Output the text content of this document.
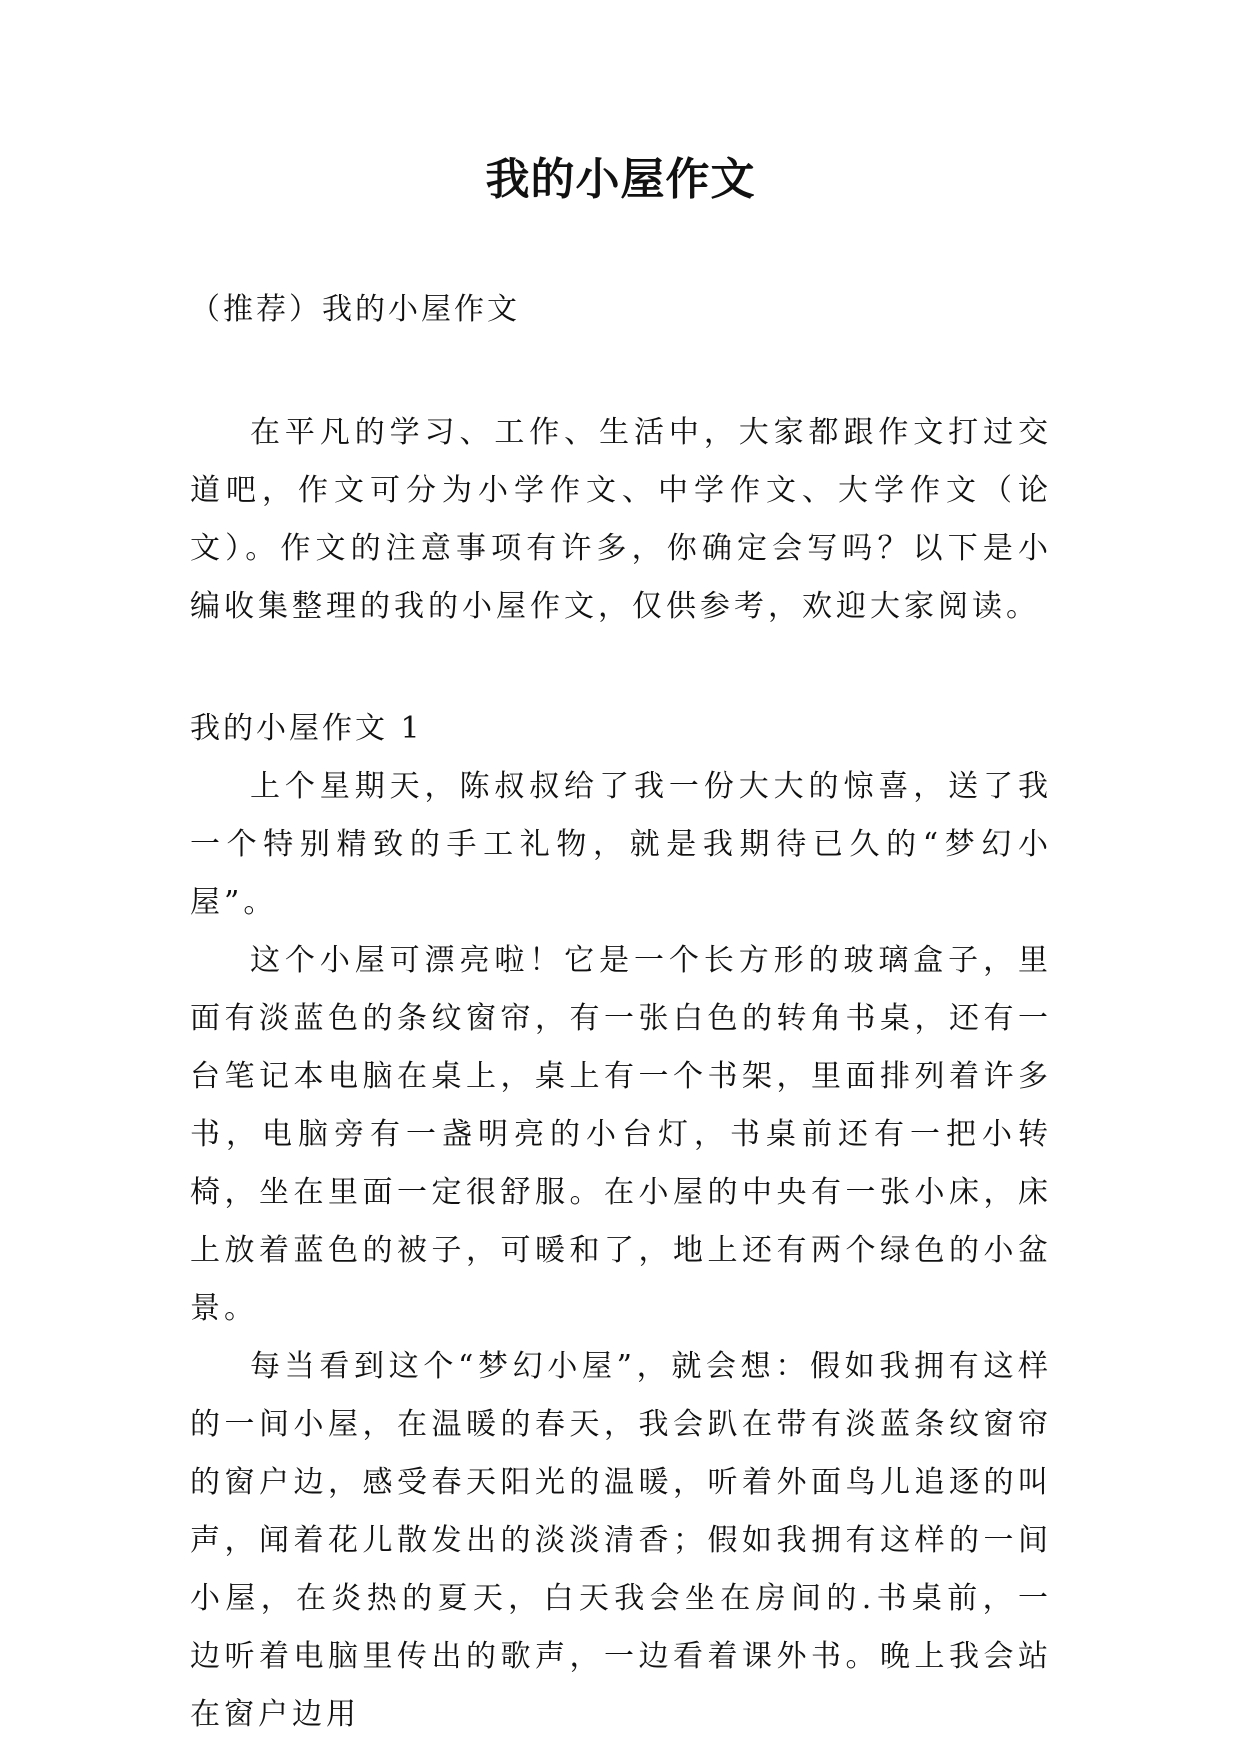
我的小屋作文
（推荐）我的小屋作文

在平凡的学习、工作、生活中，大家都跟作文打过交道吧，作文可分为小学作文、中学作文、大学作文（论文）。作文的注意事项有许多，你确定会写吗？以下是小编收集整理的我的小屋作文，仅供参考，欢迎大家阅读。

我的小屋作文 1

上个星期天，陈叔叔给了我一份大大的惊喜，送了我一个特别精致的手工礼物，就是我期待已久的“梦幻小屋”。

这个小屋可漂亮啦！它是一个长方形的玻璃盒子，里面有淡蓝色的条纹窗帘，有一张白色的转角书桌，还有一台笔记本电脑在桌上，桌上有一个书架，里面排列着许多书，电脑旁有一盏明亮的小台灯，书桌前还有一把小转椅，坐在里面一定很舒服。在小屋的中央有一张小床，床上放着蓝色的被子，可暖和了，地上还有两个绿色的小盆景。

每当看到这个“梦幻小屋”，就会想：假如我拥有这样的一间小屋，在温暖的春天，我会趴在带有淡蓝条纹窗帘的窗户边，感受春天阳光的温暖，听着外面鸟儿追逐的叫声，闻着花儿散发出的淡淡清香；假如我拥有这样的一间小屋，在炎热的夏天，白天我会坐在房间的.书桌前，一边听着电脑里传出的歌声，一边看着课外书。晚上我会站在窗户边用
